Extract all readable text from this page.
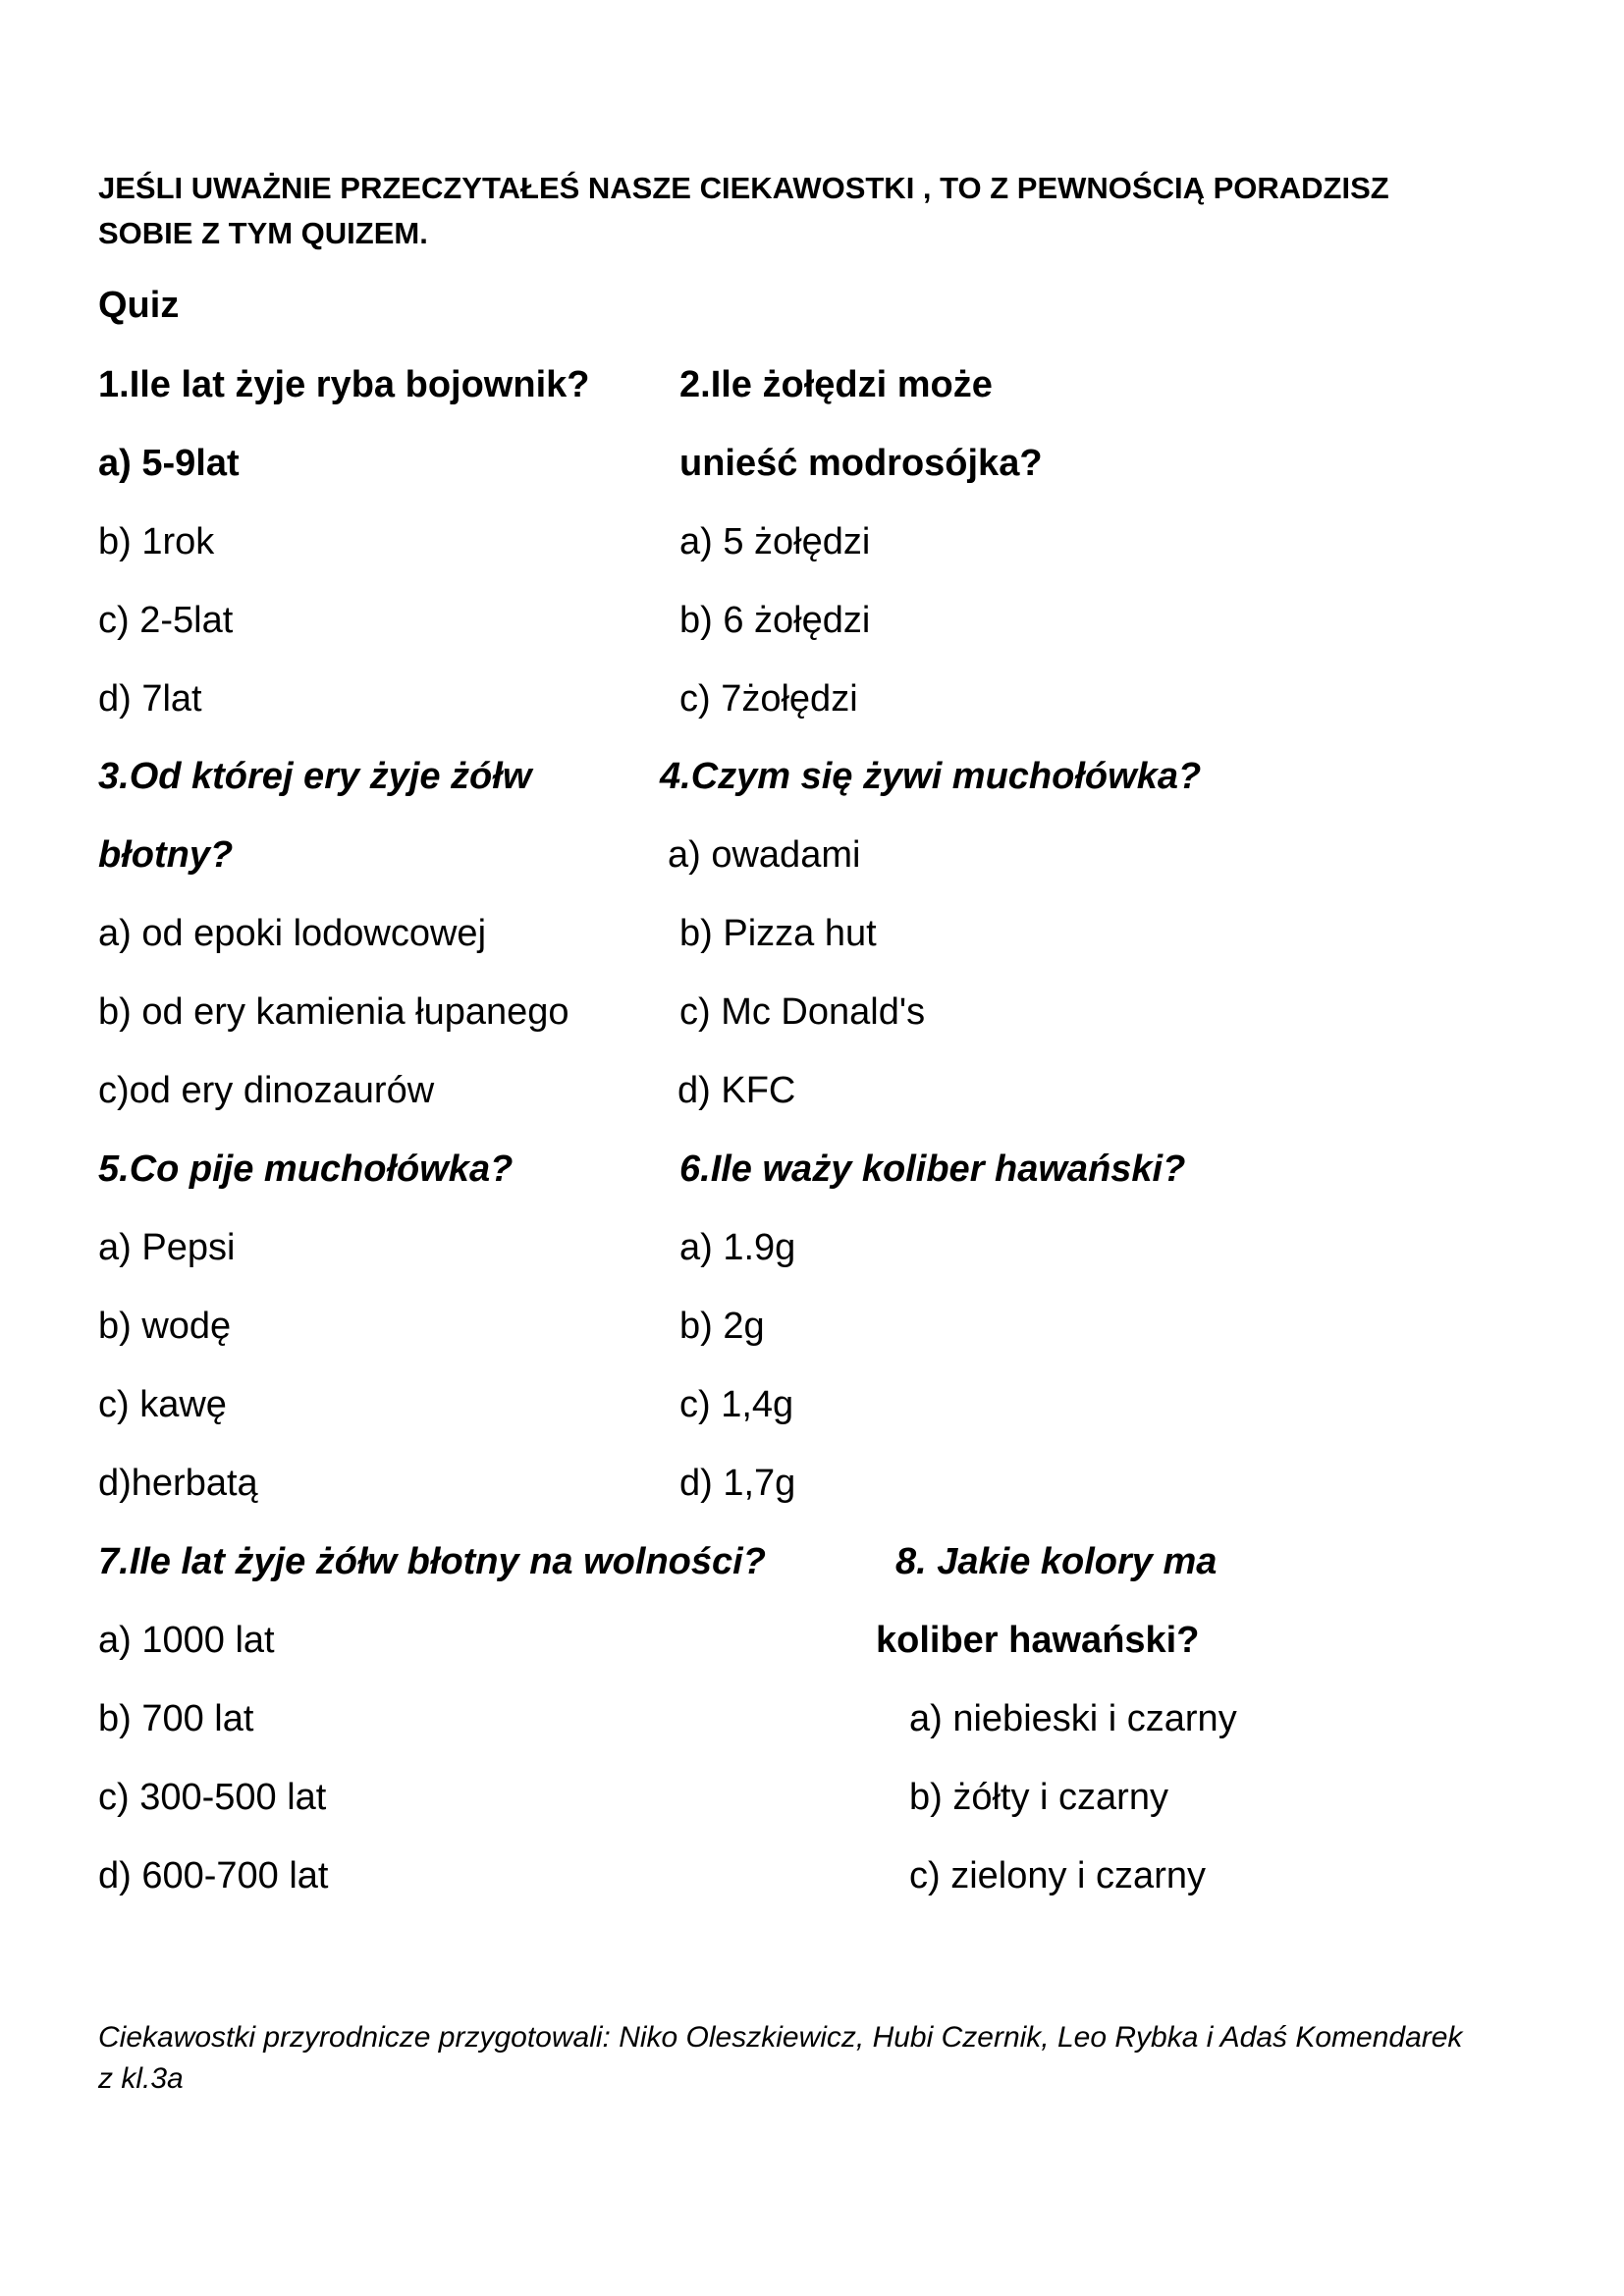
JEŚLI UWAŻNIE PRZECZYTAŁEŚ NASZE CIEKAWOSTKI , TO Z PEWNOŚCIĄ PORADZISZ
SOBIE Z TYM QUIZEM.
Quiz
1.Ile lat żyje ryba bojownik?
a) 5-9lat
b) 1rok
c) 2-5lat
d) 7lat
2.Ile żołędzi może
unieść modrosójka?
a) 5 żołędzi
b) 6 żołędzi
c) 7żołędzi
3.Od której ery żyje żółw
błotny?
a) od epoki lodowcowej
b) od ery kamienia łupanego
c)od ery dinozaurów
4.Czym się żywi muchołówka?
a) owadami
b) Pizza hut
c) Mc Donald's
d) KFC
5.Co pije muchołówka?
a) Pepsi
b) wodę
c) kawę
d)herbatą
6.Ile waży koliber hawański?
a) 1.9g
b) 2g
c) 1,4g
d) 1,7g
7.Ile lat żyje żółw błotny na wolności?
a) 1000 lat
b) 700 lat
c) 300-500 lat
d) 600-700 lat
8. Jakie kolory ma
koliber hawański?
a) niebieski i czarny
b) żółty i czarny
c) zielony i czarny
Ciekawostki przyrodnicze przygotowali: Niko Oleszkiewicz, Hubi Czernik, Leo Rybka i Adaś Komendarek
z kl.3a
